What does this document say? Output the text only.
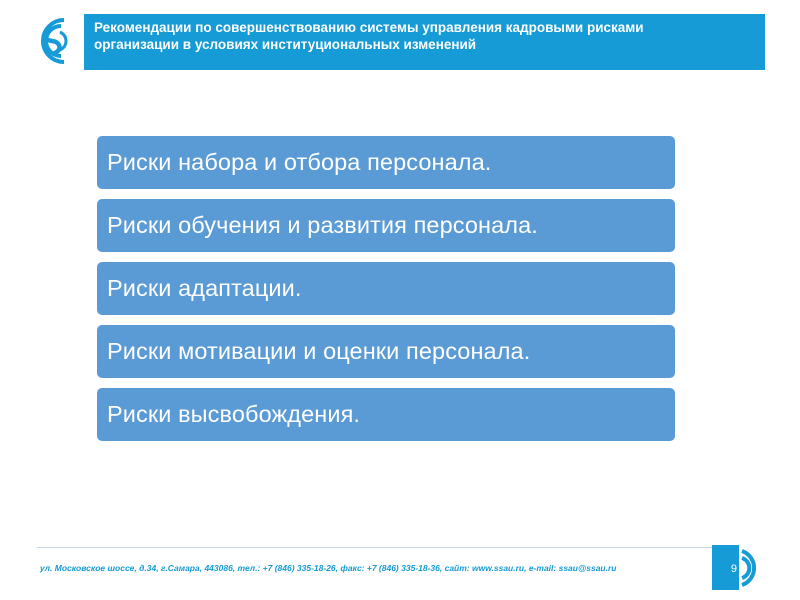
Рекомендации по совершенствованию системы управления кадровыми рисками

организации в условиях институциональных изменений

Риски набора и отбора персонала.
Риски обучения и развития персонала.
Риски адаптации.
Риски мотивации и оценки персонала.
Риски высвобождения.
ул. Московское шоссе, д.34, г.Самара, 443086, тел.: +7 (846) 335-18-26, факс: +7 (846) 335-18-36, сайт: www.ssau.ru, e-mail: ssau@ssau.ru	9
